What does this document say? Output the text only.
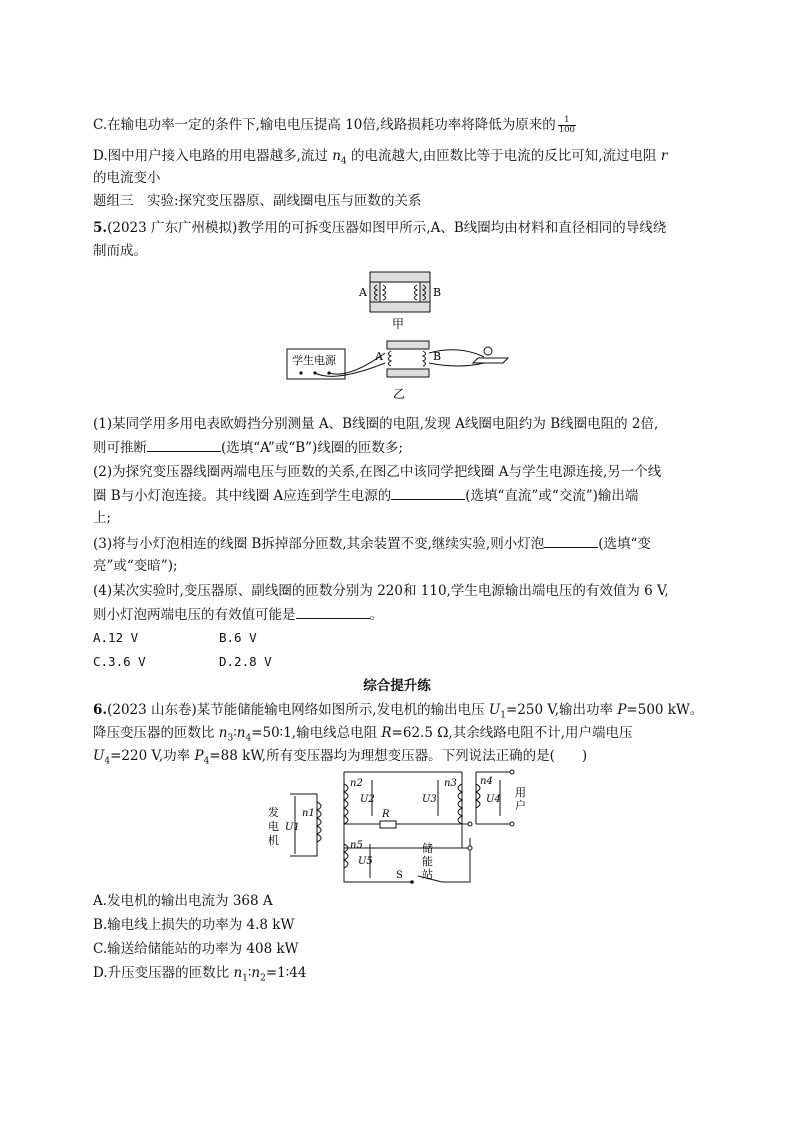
C.在输电功率一定的条件下,输电电压提高 10倍,线路损耗功率将降低为原来的 $\frac{1}{100}$
D.图中用户接入电路的用电器越多,流过 $n_4$ 的电流越大,由匝数比等于电流的反比可知,流过电阻 r
的电流变小
题组三　实验:探究变压器原、副线圈电压与匝数的关系
5.(2023 广东广州模拟)教学用的可拆变压器如图甲所示,A、B线圈均由材料和直径相同的导线绕
制而成。
A	B
甲
学生电源	A	B
乙
(1)某同学用多用电表欧姆挡分别测量 A、B线圈的电阻,发现 A线圈电阻约为 B线圈电阻的 2倍,
则可推断	(选填“A”或“B”)线圈的匝数多;
(2)为探究变压器线圈两端电压与匝数的关系,在图乙中该同学把线圈 A与学生电源连接,另一个线
圈 B与小灯泡连接。其中线圈 A应连到学生电源的	(选填“直流”或“交流”)输出端
上;
(3)将与小灯泡相连的线圈 B拆掉部分匝数,其余装置不变,继续实验,则小灯泡	(选填“变
亮”或“变暗”);
(4)某次实验时,变压器原、副线圈的匝数分别为 220和 110,学生电源输出端电压的有效值为 6 V,
则小灯泡两端电压的有效值可能是	。
A.12 V	B.6 V
C.3.6 V	D.2.8 V
综合提升练
6.(2023 山东卷)某节能储能输电网络如图所示,发电机的输出电压 $U_1=250$ V,输出功率 P=500 kW。
降压变压器的匝数比 $n_3∶n_4=50∶1$,输电线总电阻 R=62.5 Ω,其余线路电阻不计,用户端电压
$U_4=220$ V,功率 $P_4=88$ kW,所有变压器均为理想变压器。下列说法正确的是(　　)
发
电
机
n1
U1
n2
U2
n3
U3
R
n4
U4
用
户
n5
U5
S
储
能
站
A.发电机的输出电流为 368 A
B.输电线上损失的功率为 4.8 kW
C.输送给储能站的功率为 408 kW
D.升压变压器的匝数比 $n_1∶n_2=1∶44$
